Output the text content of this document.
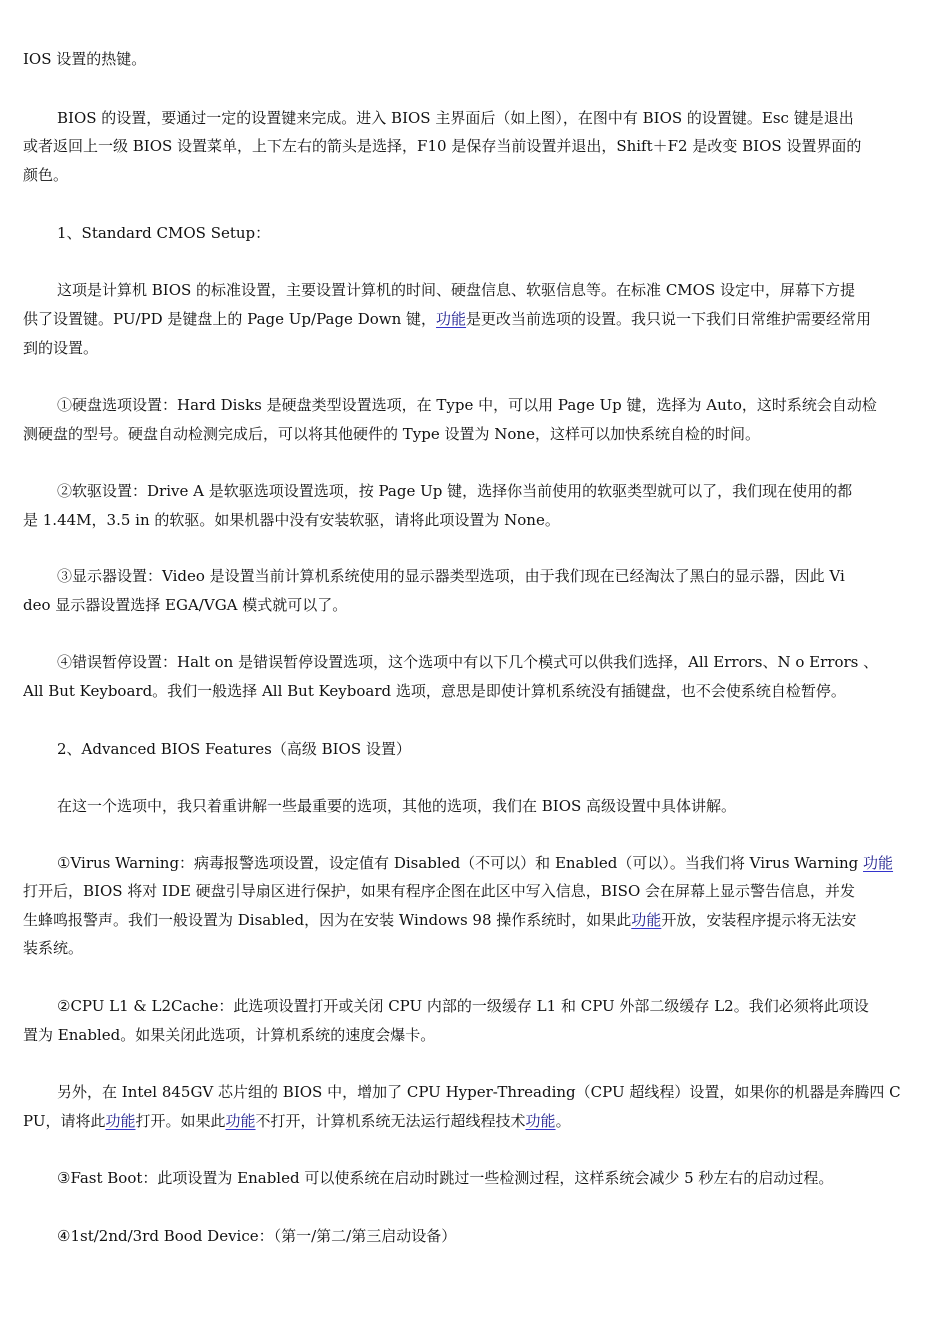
IOS 设置的热键。
BIOS 的设置，要通过一定的设置键来完成。进入 BIOS 主界面后（如上图），在图中有 BIOS 的设置键。Esc 键是退出
或者返回上一级 BIOS 设置菜单，上下左右的箭头是选择，F10 是保存当前设置并退出，Shift＋F2 是改变 BIOS 设置界面的
颜色。
1、Standard CMOS Setup：
这项是计算机 BIOS 的标准设置，主要设置计算机的时间、硬盘信息、软驱信息等。在标准 CMOS 设定中，屏幕下方提
供了设置键。PU/PD 是键盘上的 Page Up/Page Down 键，功能是更改当前选项的设置。我只说一下我们日常维护需要经常用
到的设置。
①硬盘选项设置：Hard Disks 是硬盘类型设置选项，在 Type 中，可以用 Page Up 键，选择为 Auto，这时系统会自动检
测硬盘的型号。硬盘自动检测完成后，可以将其他硬件的 Type 设置为 None，这样可以加快系统自检的时间。
②软驱设置：Drive A 是软驱选项设置选项，按 Page Up 键，选择你当前使用的软驱类型就可以了，我们现在使用的都
是 1.44M，3.5 in 的软驱。如果机器中没有安装软驱，请将此项设置为 None。
③显示器设置：Video 是设置当前计算机系统使用的显示器类型选项，由于我们现在已经淘汰了黑白的显示器，因此 Vi
deo 显示器设置选择 EGA/VGA 模式就可以了。
④错误暂停设置：Halt on 是错误暂停设置选项，这个选项中有以下几个模式可以供我们选择，All Errors、N o Errors 、
All But Keyboard。我们一般选择 All But Keyboard 选项，意思是即使计算机系统没有插键盘，也不会使系统自检暂停。
2、Advanced BIOS Features（高级 BIOS 设置）
在这一个选项中，我只着重讲解一些最重要的选项，其他的选项，我们在 BIOS 高级设置中具体讲解。
①Virus Warning：病毒报警选项设置，设定值有 Disabled（不可以）和 Enabled（可以）。当我们将 Virus Warning 功能
打开后，BIOS 将对 IDE 硬盘引导扇区进行保护，如果有程序企图在此区中写入信息，BISO 会在屏幕上显示警告信息，并发
生蜂鸣报警声。我们一般设置为 Disabled，因为在安装 Windows 98 操作系统时，如果此功能开放，安装程序提示将无法安
装系统。
②CPU L1 & L2Cache：此选项设置打开或关闭 CPU 内部的一级缓存 L1 和 CPU 外部二级缓存 L2。我们必须将此项设
置为 Enabled。如果关闭此选项，计算机系统的速度会爆卡。
另外，在 Intel 845GV 芯片组的 BIOS 中，增加了 CPU Hyper-Threading（CPU 超线程）设置，如果你的机器是奔腾四 C
PU，请将此功能打开。如果此功能不打开，计算机系统无法运行超线程技术功能。
③Fast Boot：此项设置为 Enabled 可以使系统在启动时跳过一些检测过程，这样系统会减少 5 秒左右的启动过程。
④1st/2nd/3rd Bood Device：（第一/第二/第三启动设备）
